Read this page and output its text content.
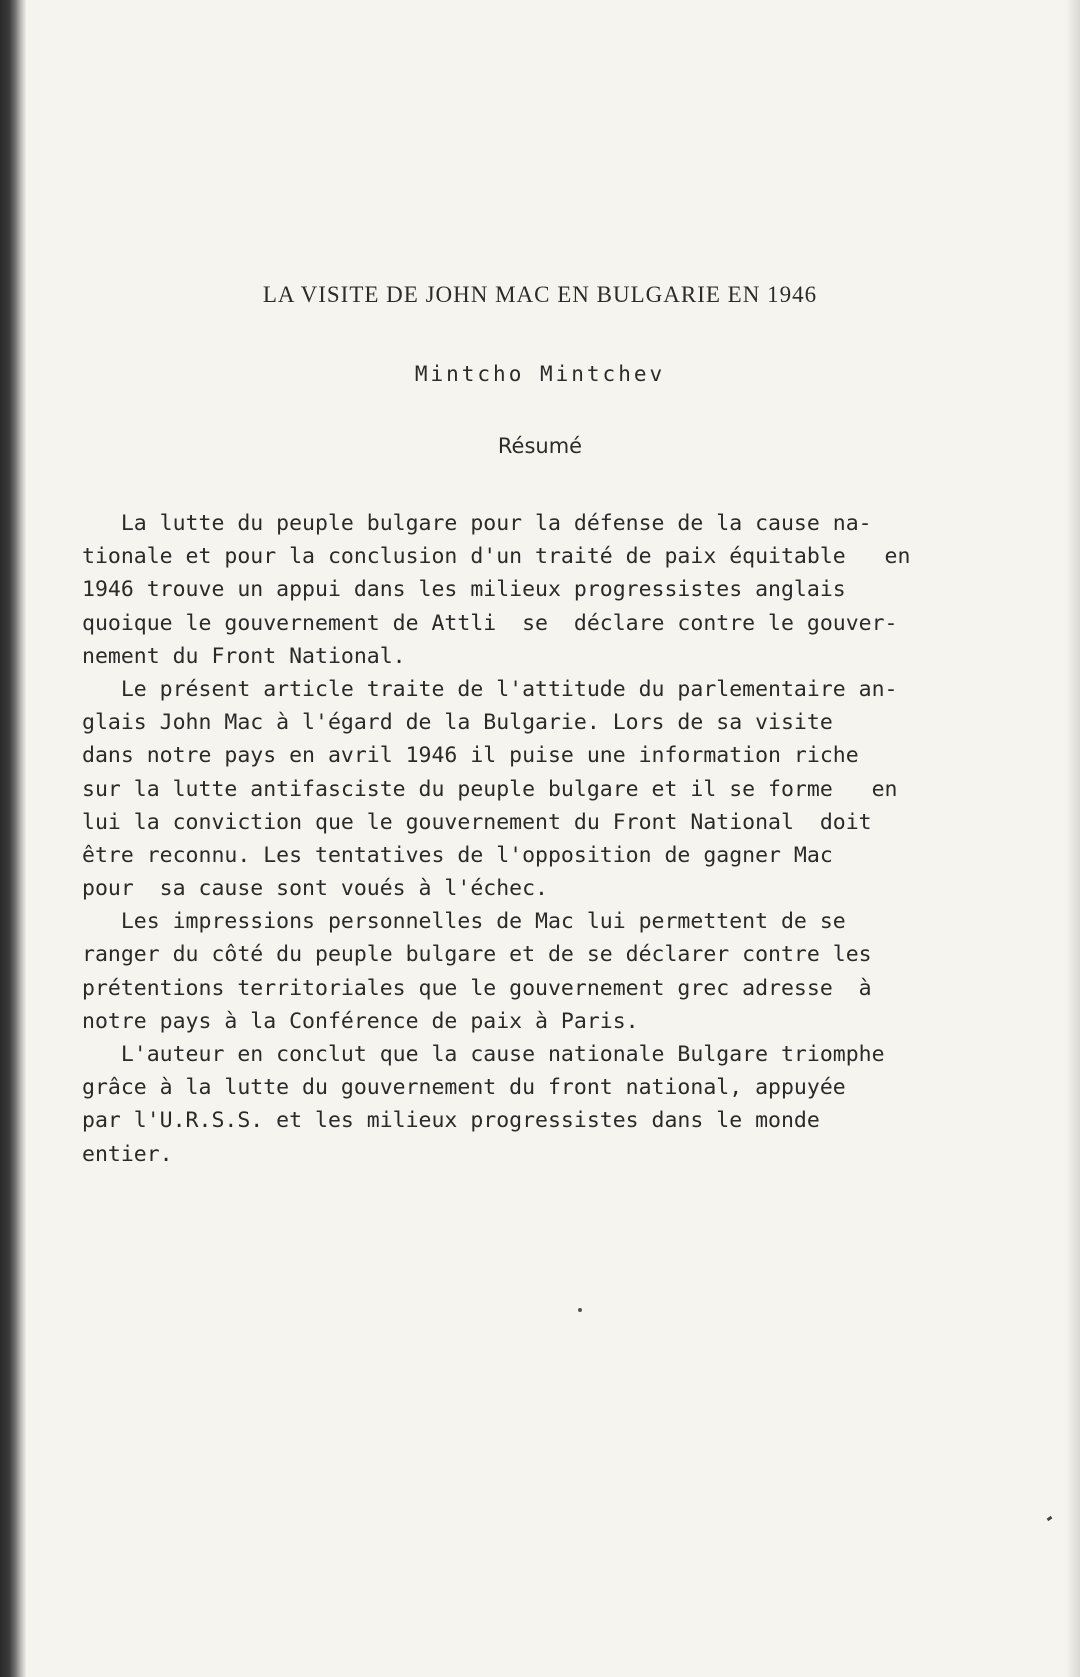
LA VISITE DE JOHN MAC EN BULGARIE EN 1946
Mintcho Mintchev
Résumé
La lutte du peuple bulgare pour la défense de la cause na-
tionale et pour la conclusion d'un traité de paix équitable   en
1946 trouve un appui dans les milieux progressistes anglais
quoique le gouvernement de Attli  se  déclare contre le gouver-
nement du Front National.
Le présent article traite de l'attitude du parlementaire an-
glais John Mac à l'égard de la Bulgarie. Lors de sa visite
dans notre pays en avril 1946 il puise une information riche
sur la lutte antifasciste du peuple bulgare et il se forme   en
lui la conviction que le gouvernement du Front National  doit
être reconnu. Les tentatives de l'opposition de gagner Mac
pour  sa cause sont voués à l'échec.
Les impressions personnelles de Mac lui permettent de se
ranger du côté du peuple bulgare et de se déclarer contre les
prétentions territoriales que le gouvernement grec adresse  à
notre pays à la Conférence de paix à Paris.
L'auteur en conclut que la cause nationale Bulgare triomphe
grâce à la lutte du gouvernement du front national, appuyée
par l'U.R.S.S. et les milieux progressistes dans le monde
entier.
